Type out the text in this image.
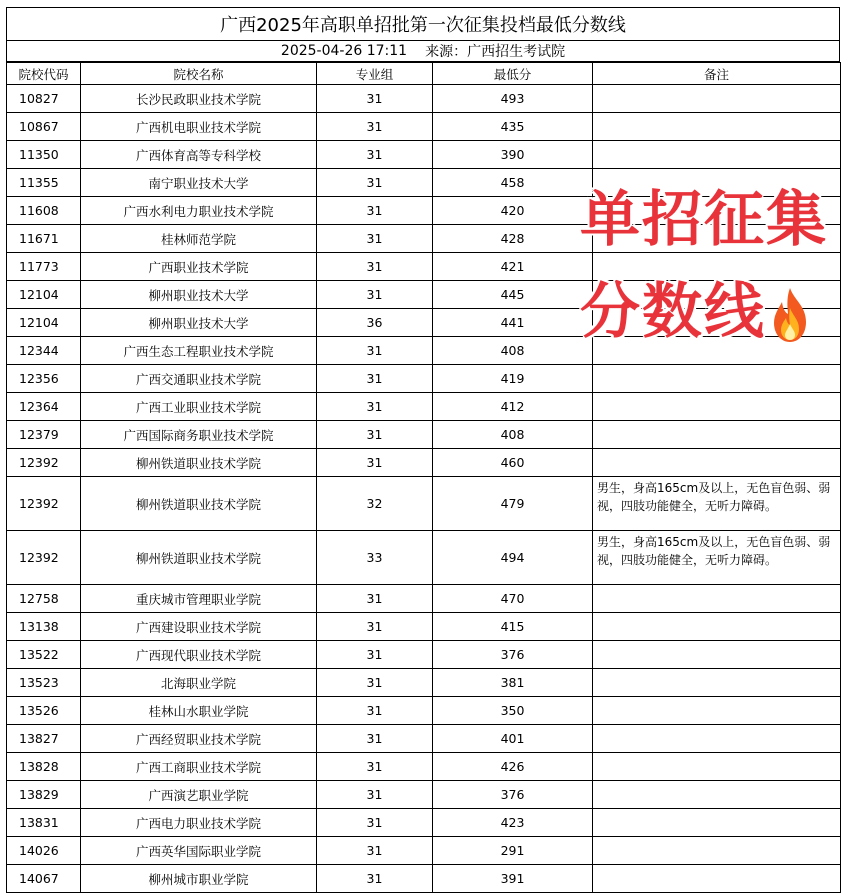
广西2025年高职单招批第一次征集投档最低分数线
2025-04-26 17:11 来源：广西招生考试院
院校代码	院校名称	专业组	最低分	备注
10827	长沙民政职业技术学院	31	493	
10867	广西机电职业技术学院	31	435	
11350	广西体育高等专科学校	31	390	
11355	南宁职业技术大学	31	458	
11608	广西水利电力职业技术学院	31	420	
11671	桂林师范学院	31	428	
11773	广西职业技术学院	31	421	
12104	柳州职业技术大学	31	445	
12104	柳州职业技术大学	36	441	
12344	广西生态工程职业技术学院	31	408	
12356	广西交通职业技术学院	31	419	
12364	广西工业职业技术学院	31	412	
12379	广西国际商务职业技术学院	31	408	
12392	柳州铁道职业技术学院	31	460	
12392	柳州铁道职业技术学院	32	479	男生，身高165cm及以上，无色盲色弱、弱视，四肢功能健全，无听力障碍。
12392	柳州铁道职业技术学院	33	494	男生，身高165cm及以上，无色盲色弱、弱视，四肢功能健全，无听力障碍。
12758	重庆城市管理职业学院	31	470	
13138	广西建设职业技术学院	31	415	
13522	广西现代职业技术学院	31	376	
13523	北海职业学院	31	381	
13526	桂林山水职业学院	31	350	
13827	广西经贸职业技术学院	31	401	
13828	广西工商职业技术学院	31	426	
13829	广西演艺职业学院	31	376	
13831	广西电力职业技术学院	31	423	
14026	广西英华国际职业学院	31	291	
14067	柳州城市职业学院	31	391	
单招征集
分数线
